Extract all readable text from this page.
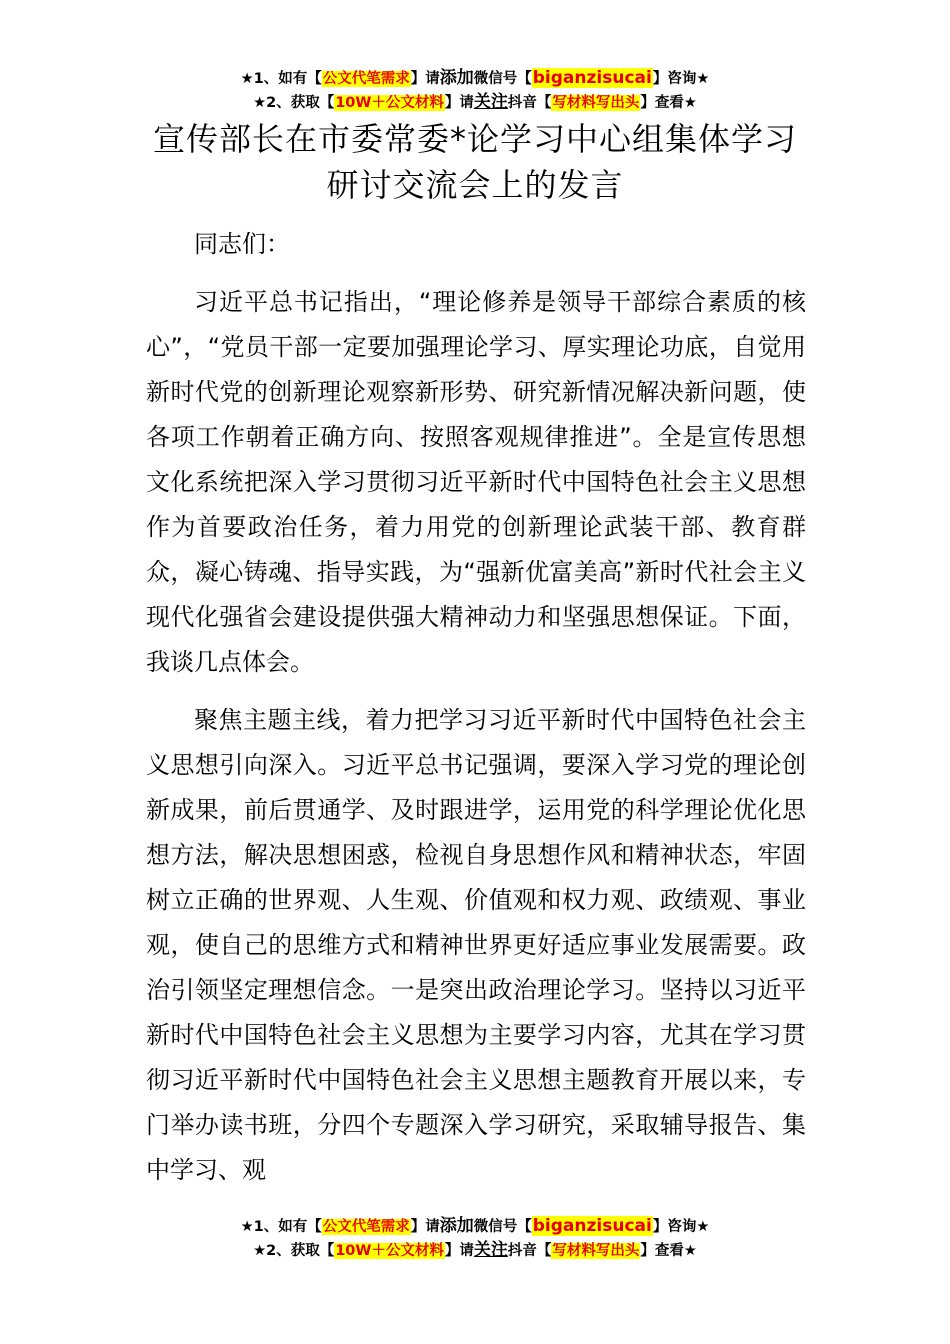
★1、如有【公文代笔需求】请添加微信号【biganzisucai】咨询★
★2、获取【10W＋公文材料】请关注抖音【写材料写出头】查看★
宣传部长在市委常委*论学习中心组集体学习
研讨交流会上的发言

同志们：

习近平总书记指出，“理论修养是领导干部综合素质的核心”，“党员干部一定要加强理论学习、厚实理论功底，自觉用新时代党的创新理论观察新形势、研究新情况解决新问题，使各项工作朝着正确方向、按照客观规律推进”。全是宣传思想文化系统把深入学习贯彻习近平新时代中国特色社会主义思想作为首要政治任务，着力用党的创新理论武装干部、教育群众，凝心铸魂、指导实践，为“强新优富美高”新时代社会主义现代化强省会建设提供强大精神动力和坚强思想保证。下面，我谈几点体会。

聚焦主题主线，着力把学习习近平新时代中国特色社会主义思想引向深入。习近平总书记强调，要深入学习党的理论创新成果，前后贯通学、及时跟进学，运用党的科学理论优化思想方法，解决思想困惑，检视自身思想作风和精神状态，牢固树立正确的世界观、人生观、价值观和权力观、政绩观、事业观，使自己的思维方式和精神世界更好适应事业发展需要。政治引领坚定理想信念。一是突出政治理论学习。坚持以习近平新时代中国特色社会主义思想为主要学习内容，尤其在学习贯彻习近平新时代中国特色社会主义思想主题教育开展以来，专门举办读书班，分四个专题深入学习研究，采取辅导报告、集中学习、观

★1、如有【公文代笔需求】请添加微信号【biganzisucai】咨询★
★2、获取【10W＋公文材料】请关注抖音【写材料写出头】查看★
